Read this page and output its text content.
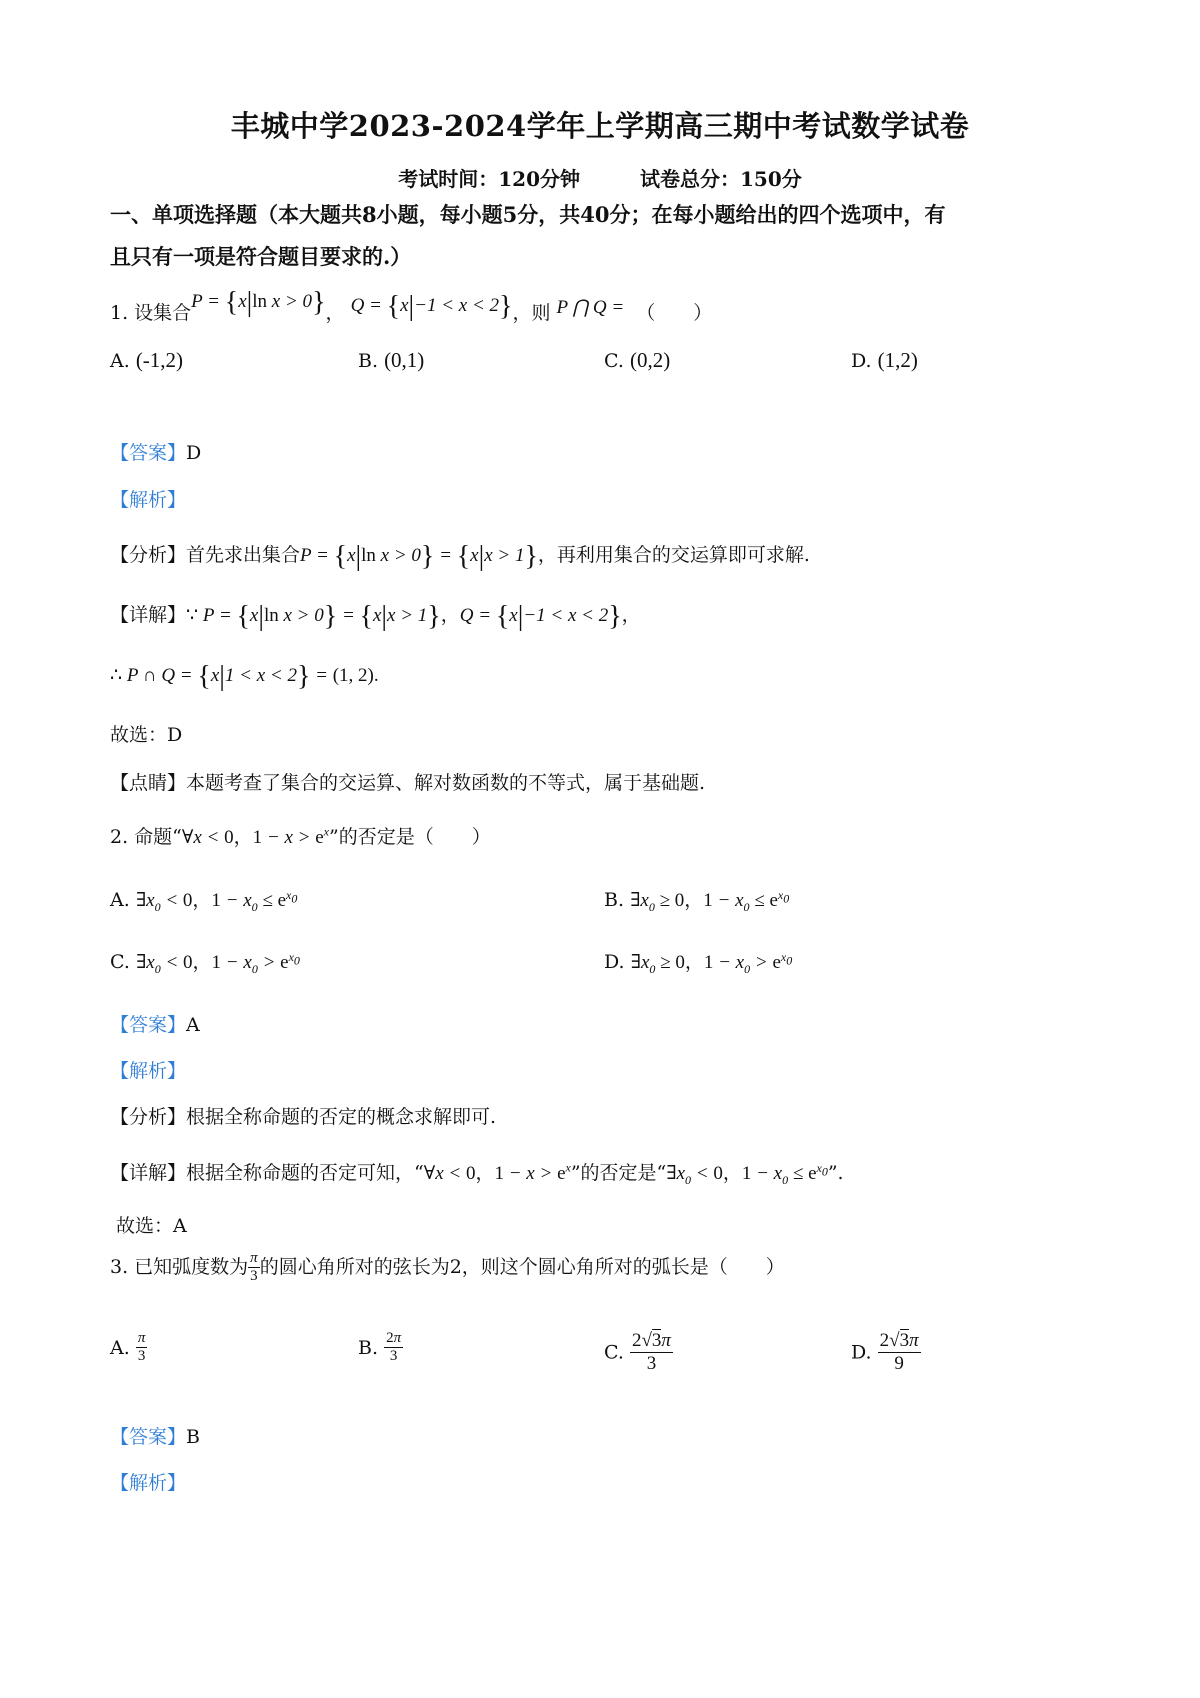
丰城中学2023-2024学年上学期高三期中考试数学试卷
考试时间：120分钟	试卷总分：150分
一、单项选择题（本大题共8小题，每小题5分，共40分；在每小题给出的四个选项中，有
且只有一项是符合题目要求的.）
1. 设集合P = {x|ln x > 0}， Q = {x|−1 < x < 2}，则 P ⋂ Q = （　　）
A. (-1,2)	B. (0,1)	C. (0,2)	D. (1,2)
【答案】D
【解析】
【分析】首先求出集合P = {x|ln x > 0} = {x|x > 1}，再利用集合的交运算即可求解.
【详解】∵ P = {x|ln x > 0} = {x|x > 1}，Q = {x|−1 < x < 2}，
∴ P ∩ Q = {x|1 < x < 2} = (1, 2).
故选：D
【点睛】本题考查了集合的交运算、解对数函数的不等式，属于基础题.
2. 命题“∀x < 0，$1 - x > e^x$”的否定是（　　）
A. $\exists x_0 < 0$，$1 - x_0 \le e^{x_0}$	B. $\exists x_0 \ge 0$，$1 - x_0 \le e^{x_0}$
C. $\exists x_0 < 0$，$1 - x_0 > e^{x_0}$	D. $\exists x_0 \ge 0$，$1 - x_0 > e^{x_0}$
【答案】A
【解析】
【分析】根据全称命题的否定的概念求解即可.
【详解】根据全称命题的否定可知，“∀x < 0，$1 - x > e^x$”的否定是“$\exists x_0 < 0$，$1 - x_0 \le e^{x_0}$”.
故选：A
3. 已知弧度数为 $\frac{\pi}{3}$ 的圆心角所对的弦长为2，则这个圆心角所对的弧长是（　　）
A. $\frac{\pi}{3}$	B. $\frac{2\pi}{3}$	C. $\frac{2√3\pi}{3}$	D. $\frac{2√3\pi}{9}$
【答案】B
【解析】
